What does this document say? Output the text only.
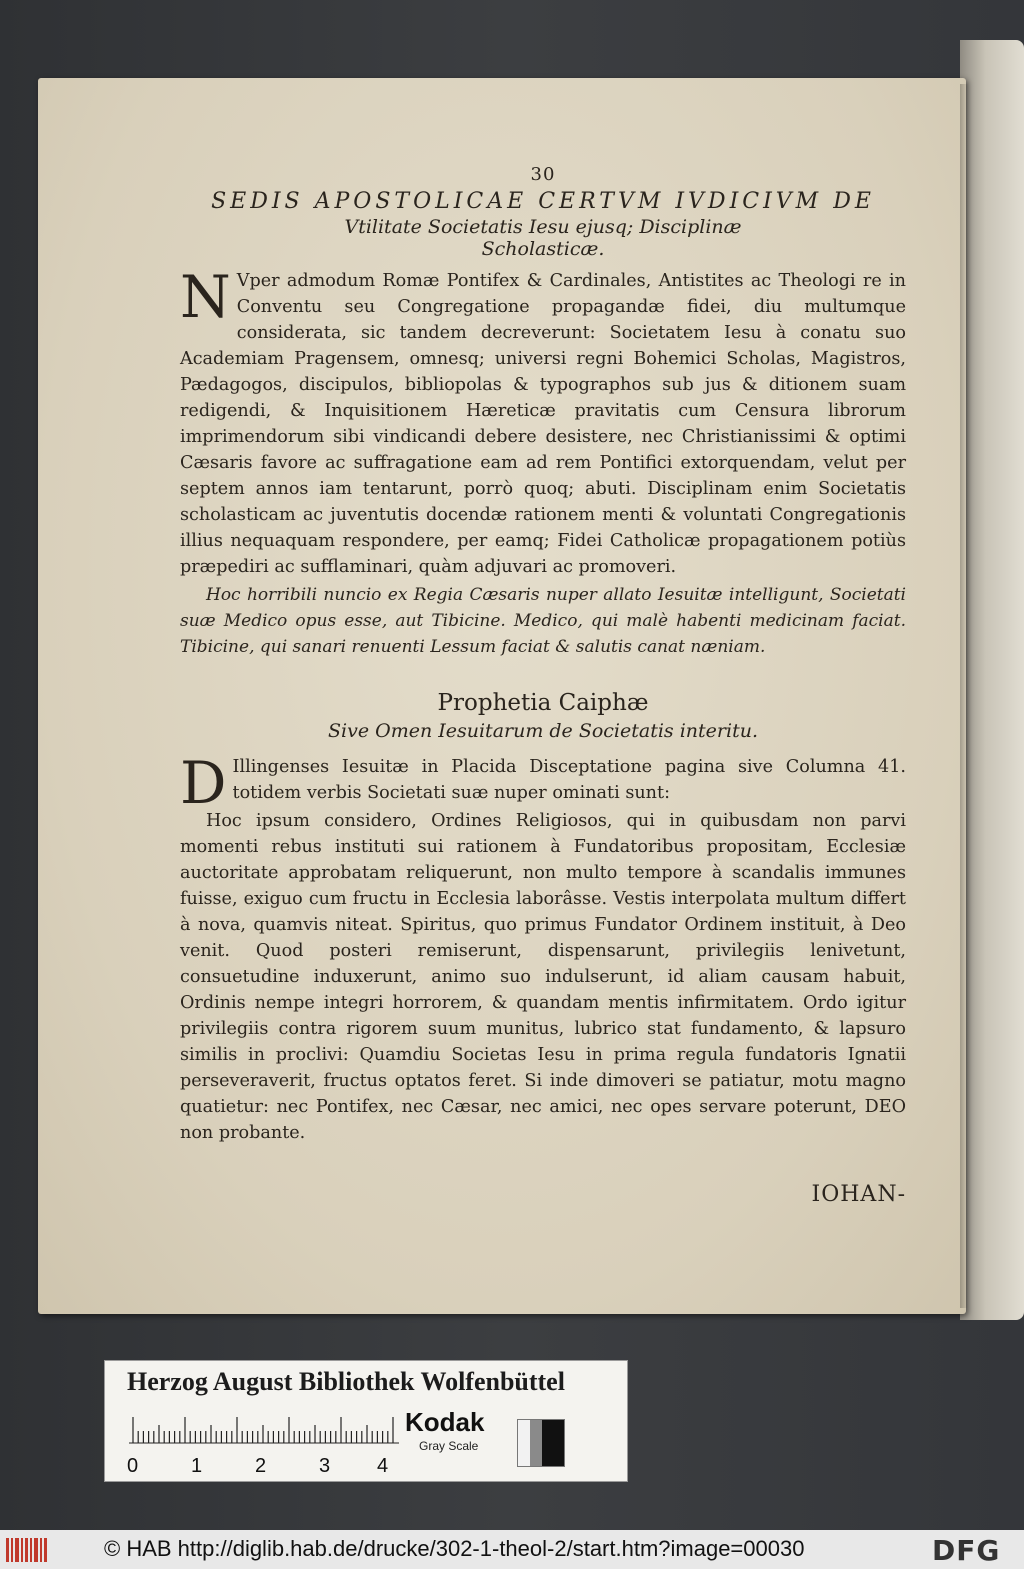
30

SEDIS APOSTOLICAE CERTVM IVDICIVM DE

Vtilitate Societatis Iesu ejusq; Disciplinæ

Scholasticæ.

N Vper admodum Romæ Pontifex & Cardinales, Antistites ac Theologi re in Conventu seu Congregatione propagandæ fidei, diu multumque considerata, sic tandem decreverunt: Societatem Iesu à conatu suo Academiam Pragensem, omnesq; universi regni Bohemici Scholas, Magistros, Pædagogos, discipulos, bibliopolas & typographos sub jus & ditionem suam redigendi, & Inquisitionem Hæreticæ pravitatis cum Censura librorum imprimendorum sibi vindicandi debere desistere, nec Christianissimi & optimi Cæsaris favore ac suffragatione eam ad rem Pontifici extorquendam, velut per septem annos iam tentarunt, porrò quoq; abuti. Disciplinam enim Societatis scholasticam ac juventutis docendæ rationem menti & voluntati Congregationis illius nequaquam respondere, per eamq; Fidei Catholicæ propagationem potiùs præpediri ac sufflaminari, quàm adjuvari ac promoveri.

Hoc horribili nuncio ex Regia Cæsaris nuper allato Iesuitæ intelligunt, Societati suæ Medico opus esse, aut Tibicine. Medico, qui malè habenti medicinam faciat. Tibicine, qui sanari renuenti Lessum faciat & salutis canat næniam.

Prophetia Caiphæ

Sive Omen Iesuitarum de Societatis interitu.

D Illingenses Iesuitæ in Placida Disceptatione pagina sive Columna 41. totidem verbis Societati suæ nuper ominati sunt:

Hoc ipsum considero, Ordines Religiosos, qui in quibusdam non parvi momenti rebus instituti sui rationem à Fundatoribus propositam, Ecclesiæ auctoritate approbatam reliquerunt, non multo tempore à scandalis immunes fuisse, exiguo cum fructu in Ecclesia laborâsse. Vestis interpolata multum differt à nova, quamvis niteat. Spiritus, quo primus Fundator Ordinem instituit, à Deo venit. Quod posteri remiserunt, dispensarunt, privilegiis lenivetunt, consuetudine induxerunt, animo suo indulserunt, id aliam causam habuit, Ordinis nempe integri horrorem, & quandam mentis infirmitatem. Ordo igitur privilegiis contra rigorem suum munitus, lubrico stat fundamento, & lapsuro similis in proclivi: Quamdiu Societas Iesu in prima regula fundatoris Ignatii perseveraverit, fructus optatos feret. Si inde dimoveri se patiatur, motu magno quatietur: nec Pontifex, nec Cæsar, nec amici, nec opes servare poterunt, DEO non probante.

IOHAN-

Herzog August Bibliothek Wolfenbüttel
0	1	2	3 4
Kodak
Gray Scale
© HAB http://diglib.hab.de/drucke/302-1-theol-2/start.htm?image=00030	DFG
